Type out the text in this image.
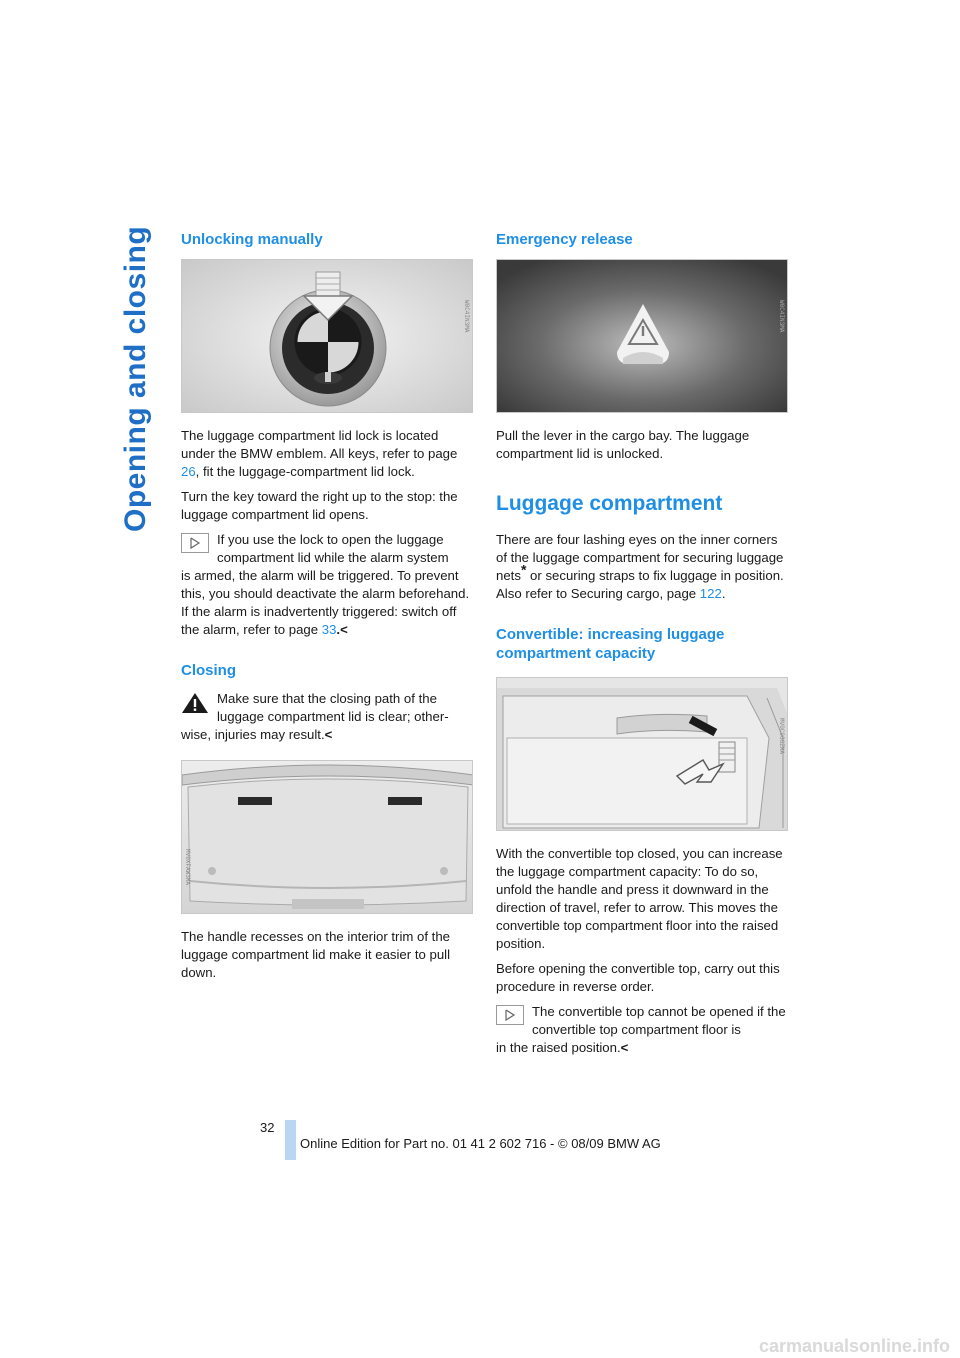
Opening and closing Unlocking manually
W0C4IN3MA

The luggage compartment lid lock is located under the BMW emblem. All keys, refer to page 26, fit the luggage-compartment lid lock.

Turn the key toward the right up to the stop: the luggage compartment lid opens.

If you use the lock to open the luggage compartment lid while the alarm system

is armed, the alarm will be triggered. To prevent this, you should deactivate the alarm beforehand.

If the alarm is inadvertently triggered: switch off the alarm, refer to page 33.<

Closing

Make sure that the closing path of the luggage compartment lid is clear; other-

wise, injuries may result.<

MV0XFAW3MA

The handle recesses on the interior trim of the luggage compartment lid make it easier to pull down.

Emergency release
W0C4IN3MA

Pull the lever in the cargo bay. The luggage compartment lid is unlocked.

Luggage compartment

There are four lashing eyes on the inner corners of the luggage compartment for securing luggage nets* or securing straps to fix luggage in position.
Also refer to Securing cargo, page 122.

Convertible: increasing luggage compartment capacity
MV0C9G6ZMA

With the convertible top closed, you can increase the luggage compartment capacity: To do so, unfold the handle and press it downward in the direction of travel, refer to arrow. This moves the convertible top compartment floor into the raised position.

Before opening the convertible top, carry out this procedure in reverse order.

The convertible top cannot be opened if the convertible top compartment floor is

in the raised position.<

32
Online Edition for Part no. 01 41 2 602 716 - © 08/09 BMW AG
carmanualsonline.info
